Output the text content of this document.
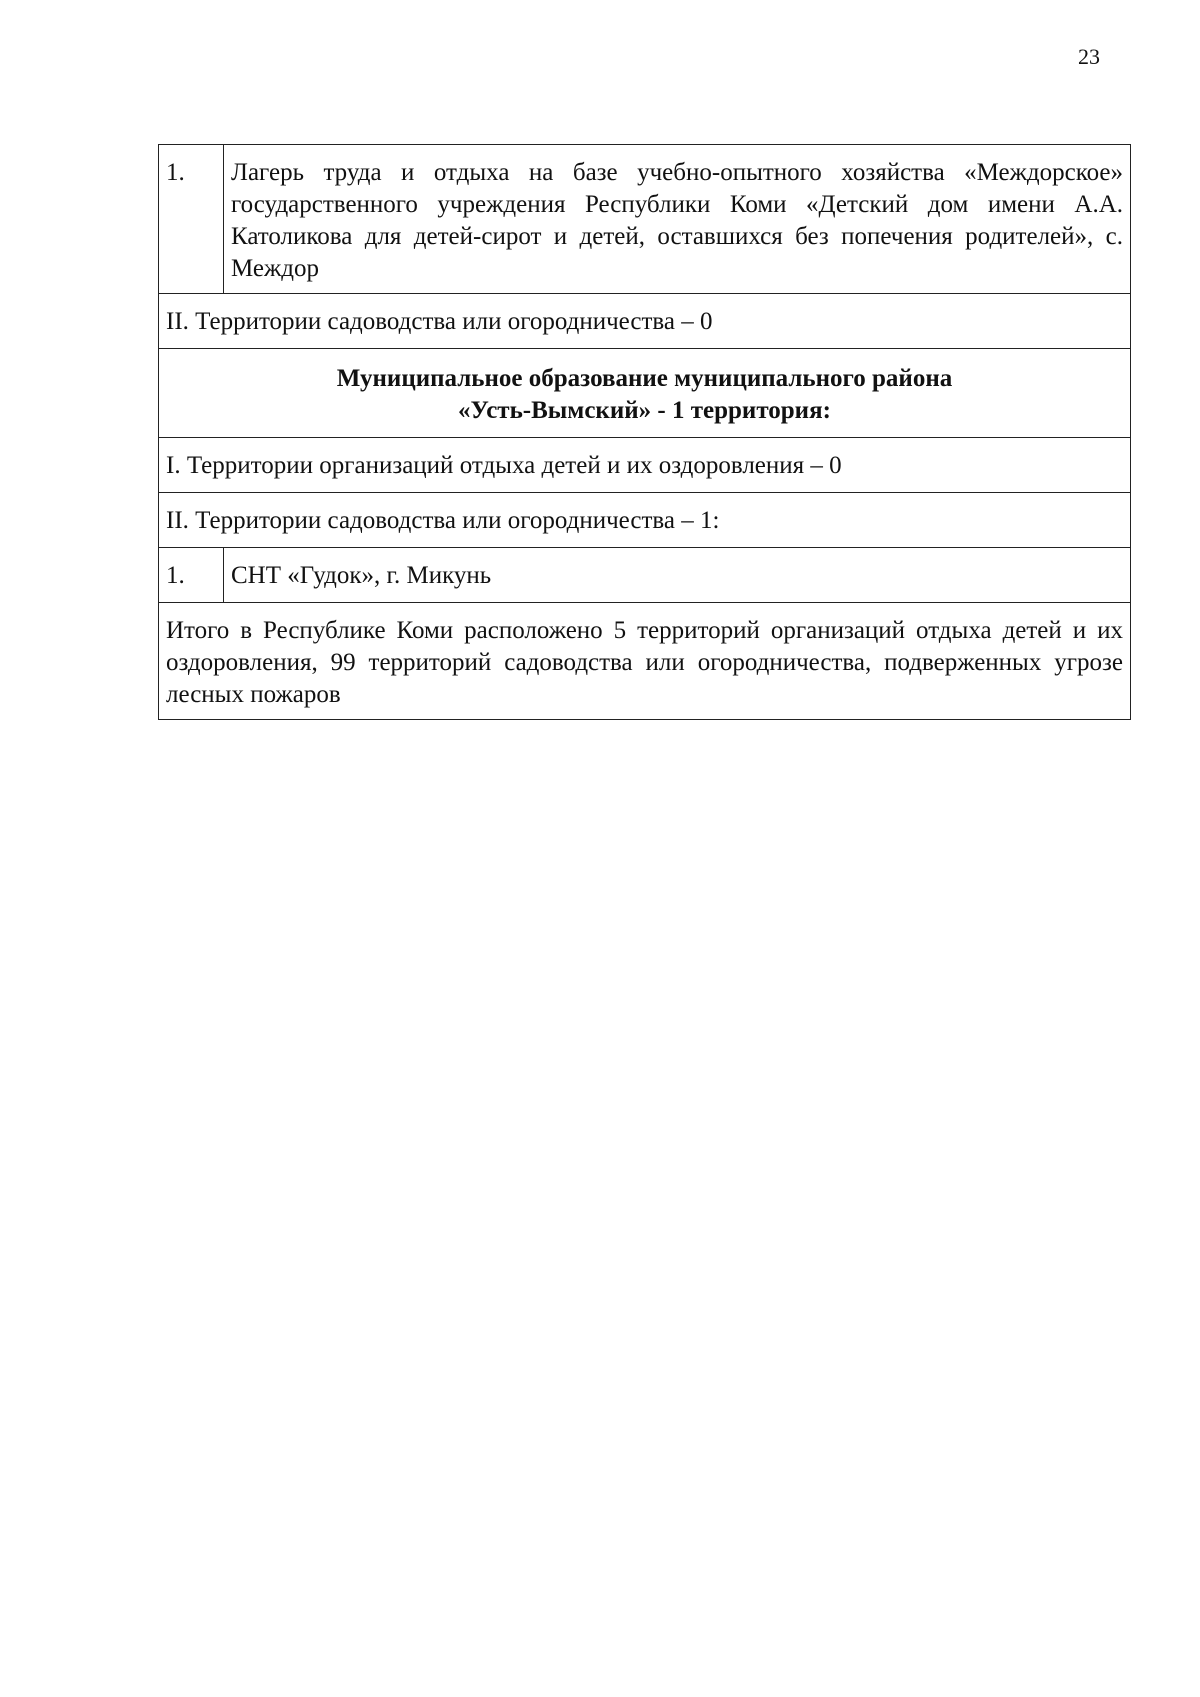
23
1.	Лагерь труда и отдыха на базе учебно-опытного хозяйства «Междорское» государственного учреждения Республики Коми «Детский дом имени А.А. Католикова для детей-сирот и детей, оставшихся без попечения родителей», с. Междор
II. Территории садоводства или огородничества – 0	

Муниципальное образование муниципального района
«Усть-Вымский» - 1 территория:	

I. Территории организаций отдыха детей и их оздоровления – 0	
II. Территории садоводства или огородничества – 1:	
1.	СНТ «Гудок», г. Микунь
Итого в Республике Коми расположено 5 территорий организаций отдыха детей и их оздоровления, 99 территорий садоводства или огородничества, подверженных угрозе лесных пожаров	
